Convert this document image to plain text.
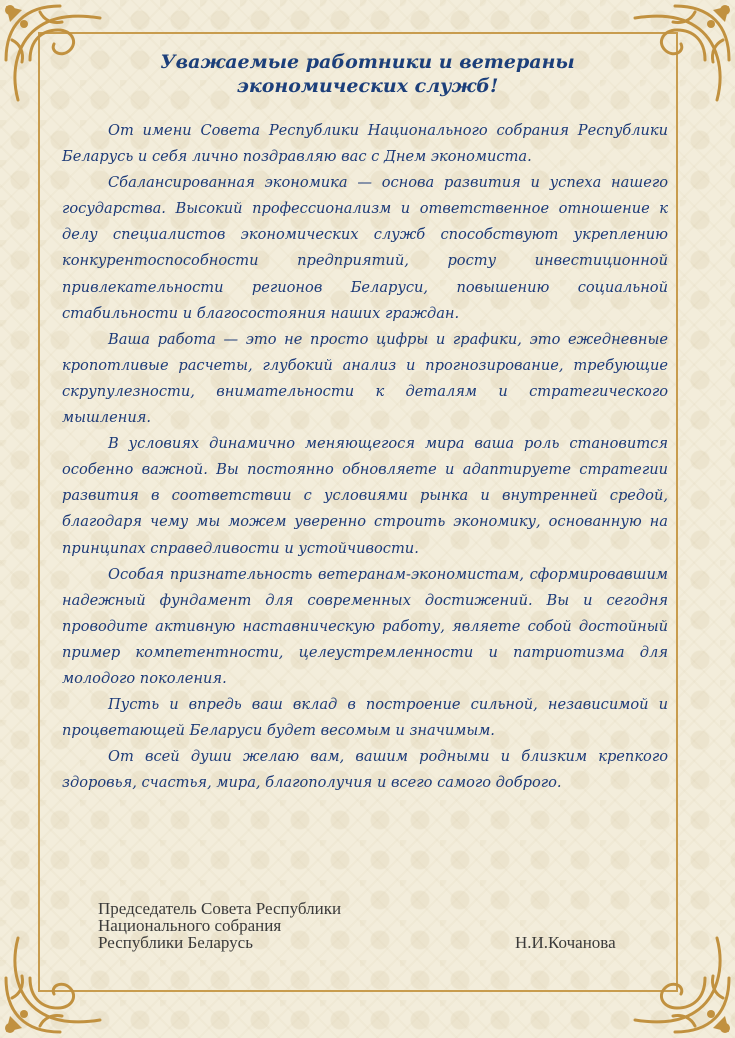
Уважаемые работники и ветераны
экономических служб!

От имени Совета Республики Национального собрания Республики Беларусь и себя лично поздравляю вас с Днем экономиста.

Сбалансированная экономика — основа развития и успеха нашего государства. Высокий профессионализм и ответственное отношение к делу специалистов экономических служб способствуют укреплению конкурентоспособности предприятий, росту инвестиционной привлекательности регионов Беларуси, повышению социальной стабильности и благосостояния наших граждан.

Ваша работа — это не просто цифры и графики, это ежедневные кропотливые расчеты, глубокий анализ и прогнозирование, требующие скрупулезности, внимательности к деталям и стратегического мышления.

В условиях динамично меняющегося мира ваша роль становится особенно важной. Вы постоянно обновляете и адаптируете стратегии развития в соответствии с условиями рынка и внутренней средой, благодаря чему мы можем уверенно строить экономику, основанную на принципах справедливости и устойчивости.

Особая признательность ветеранам-экономистам, сформировавшим надежный фундамент для современных достижений. Вы и сегодня проводите активную наставническую работу, являете собой достойный пример компетентности, целеустремленности и патриотизма для молодого поколения.

Пусть и впредь ваш вклад в построение сильной, независимой и процветающей Беларуси будет весомым и значимым.

От всей души желаю вам, вашим родными и близким крепкого здоровья, счастья, мира, благополучия и всего самого доброго.

Председатель Совета Республики
Национального собрания
Республики Беларусь	Н.И.Кочанова
